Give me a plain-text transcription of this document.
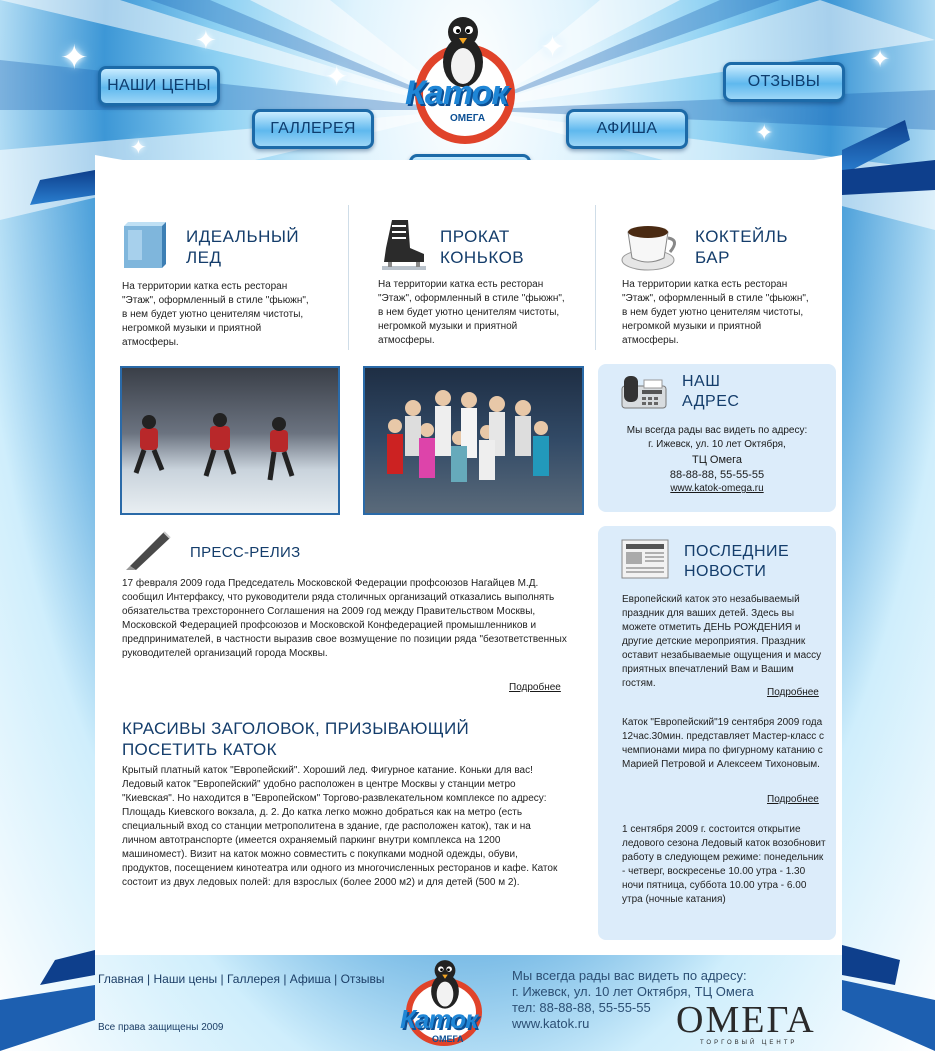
✦	✦
✦
✦
✦
✦
✦
НАШИ ЦЕНЫ
ГАЛЛЕРЕЯ	АФИША
ОТЗЫВЫ
Каток
ОМЕГА
ИДЕАЛЬНЫЙ
ЛЕД

На территории катка есть ресторан "Этаж", оформленный в стиле "фьюжн", в нем будет уютно ценителям чистоты, негромкой музыки и приятной атмосферы.

ПРОКАТ
КОНЬКОВ

На территории катка есть ресторан "Этаж", оформленный в стиле "фьюжн", в нем будет уютно ценителям чистоты, негромкой музыки и приятной атмосферы.

КОКТЕЙЛЬ
БАР

На территории катка есть ресторан "Этаж", оформленный в стиле "фьюжн", в нем будет уютно ценителям чистоты, негромкой музыки и приятной атмосферы.

НАШ
АДРЕС
Мы всегда рады вас видеть по адресу:
г. Ижевск, ул. 10 лет Октября,
ТЦ Омега
88-88-88, 55-55-55
www.katok-omega.ru
ПРЕСС-РЕЛИЗ

17 февраля 2009 года Председатель Московской Федерации профсоюзов Нагайцев М.Д. сообщил Интерфаксу, что руководители ряда столичных организаций отказались выполнять обязательства трехстороннего Соглашения на 2009 год между Правительством Москвы, Московской Федерацией профсоюзов и Московской Конфедерацией промышленников и предпринимателей, в частности выразив свое возмущение по позиции ряда "безответственных руководителей организаций города Москвы.

Подробнее
КРАСИВЫ ЗАГОЛОВОК, ПРИЗЫВАЮЩИЙ ПОСЕТИТЬ КАТОК

Крытый платный каток "Европейский". Хороший лед. Фигурное катание. Коньки для вас! Ледовый каток "Европейский" удобно расположен в центре Москвы у станции метро "Киевская". Но находится в "Европейском" Торгово-развлекательном комплексе по адресу: Площадь Киевского вокзала, д. 2. До катка легко можно добраться как на метро (есть специальный вход со станции метрополитена в здание, где расположен каток), так и на личном автотранспорте (имеется охраняемый паркинг внутри комплекса на 1200 машиномест). Визит на каток можно совместить с покупками модной одежды, обуви, продуктов, посещением кинотеатра или одного из многочисленных ресторанов и кафе. Каток состоит из двух ледовых полей: для взрослых (более 2000 м2) и для детей (500 м 2).

ПОСЛЕДНИЕ
НОВОСТИ

Европейский каток это незабываемый праздник для ваших детей. Здесь вы можете отметить ДЕНЬ РОЖДЕНИЯ и другие детские мероприятия. Праздник оставит незабываемые ощущения и массу приятных впечатлений Вам и Вашим гостям.

Подробнее

Каток "Европейский"19 сентября 2009 года 12час.30мин. представляет Мастер-класс с чемпионами мира по фигурному катанию с Марией Петровой и Алексеем Тихоновым.

Подробнее

1 сентября 2009 г. состоится открытие ледового сезона Ледовый каток возобновит работу в следующем режиме: понедельник - четверг, воскресенье 10.00 утра - 1.30 ночи пятница, суббота 10.00 утра - 6.00 утра (ночные катания)

Главная | Наши цены | Галлерея | Афиша | Отзывы
Все права защищены 2009	Каток
ОМЕГА
Мы всегда рады вас видеть по адресу:
г. Ижевск, ул. 10 лет Октября, ТЦ Омега
тел: 88-88-88, 55-55-55
www.katok.ru	ОМЕГА
ТОРГОВЫЙ ЦЕНТР
